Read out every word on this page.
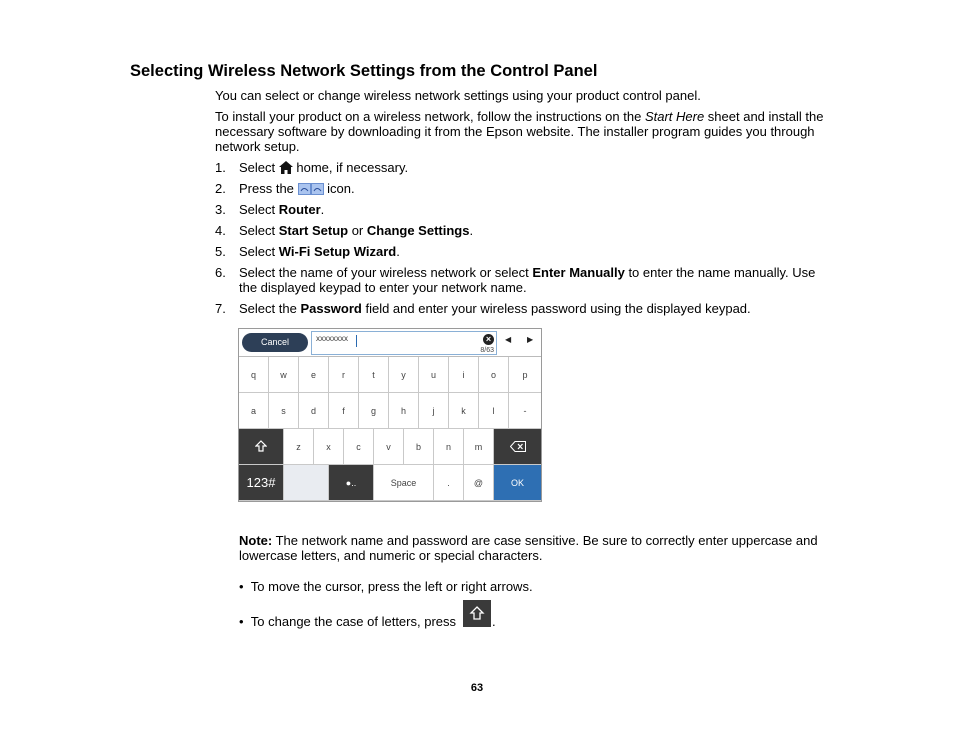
Selecting Wireless Network Settings from the Control Panel
You can select or change wireless network settings using your product control panel.
To install your product on a wireless network, follow the instructions on the Start Here sheet and install the necessary software by downloading it from the Epson website. The installer program guides you through network setup.
1. Select  home, if necessary.
2. Press the  icon.
3. Select Router.
4. Select Start Setup or Change Settings.
5. Select Wi-Fi Setup Wizard.
6. Select the name of your wireless network or select Enter Manually to enter the name manually. Use the displayed keypad to enter your network name.
7. Select the Password field and enter your wireless password using the displayed keypad.
Cancel	xxxxxxxx	×
8/63
◀ ▶
q	w	e	r	t	y	u	i	o	p
a	s	d	f	g	h	j	k	l	-
z	x	c	v	b	n	m
123#	●..	Space	.	@	OK
Note: The network name and password are case sensitive. Be sure to correctly enter uppercase and lowercase letters, and numeric or special characters.
•  To move the cursor, press the left or right arrows.
•  To change the case of letters, press	.
63
